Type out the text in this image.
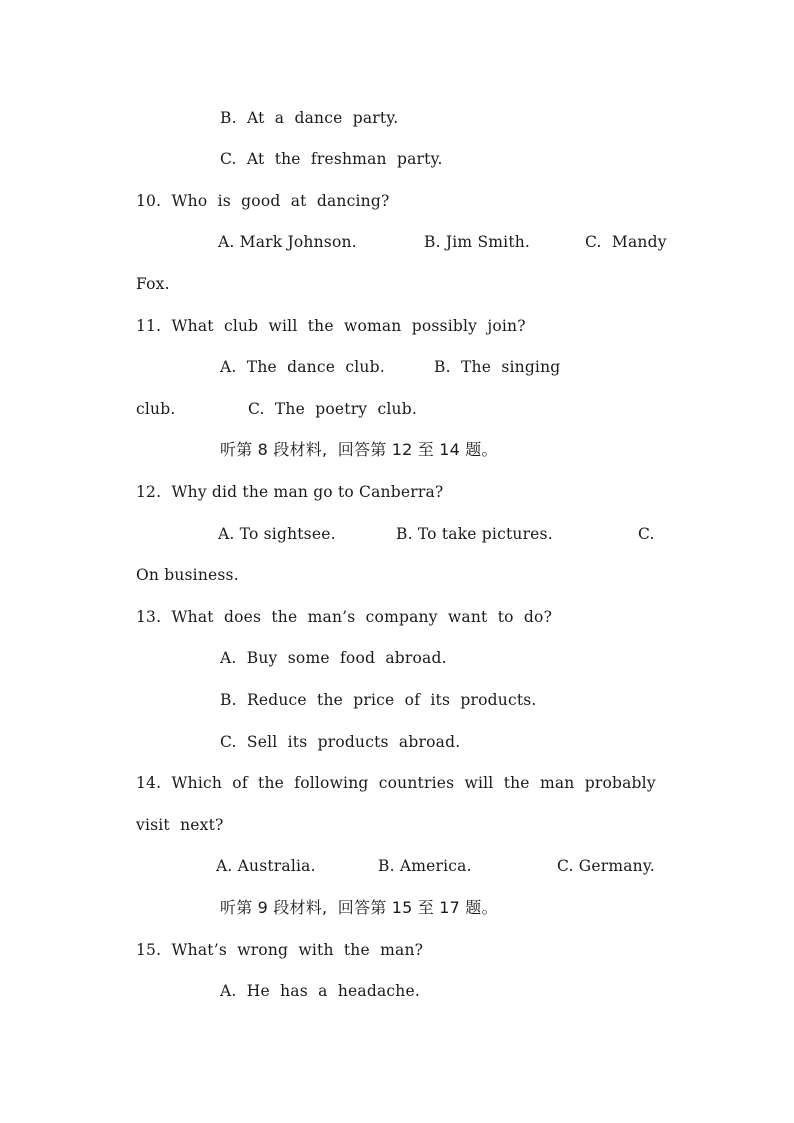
B.  At  a  dance  party.
C.  At  the  freshman  party.
10.  Who  is  good  at  dancing?
A. Mark Johnson.	B. Jim Smith.	C.  Mandy
Fox.
11.  What  club  will  the  woman  possibly  join?
A.  The  dance  club.	B.  The  singing
club.	C.  The  poetry  club.
听第 8 段材料,  回答第 12 至 14 题。
12.  Why did the man go to Canberra?
A. To sightsee.	B. To take pictures.	C.
On business.
13.  What  does  the  man’s  company  want  to  do?
A.  Buy  some  food  abroad.
B.  Reduce  the  price  of  its  products.
C.  Sell  its  products  abroad.
14.  Which  of  the  following  countries  will  the  man  probably
visit  next?
A. Australia.	B. America.	C. Germany.
听第 9 段材料,  回答第 15 至 17 题。
15.  What’s  wrong  with  the  man?
A.  He  has  a  headache.
